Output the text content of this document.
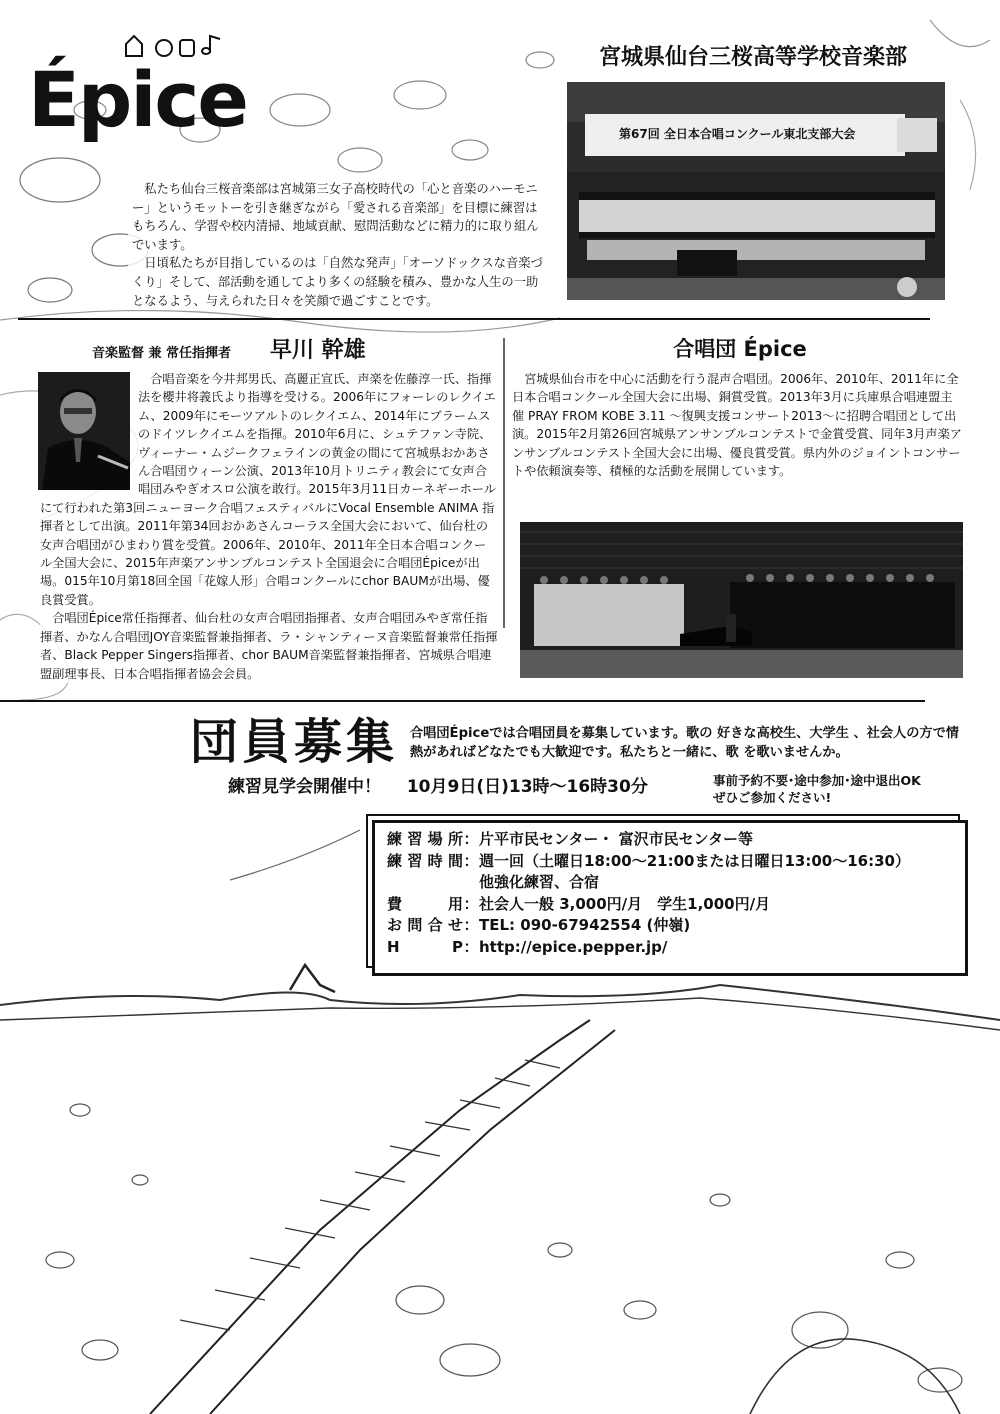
Épice	宮城県仙台三桜高等学校音楽部
第67回 全日本合唱コンクール東北支部大会

私たち仙台三桜音楽部は宮城第三女子高校時代の「心と音楽のハーモニー」というモットーを引き継ぎながら「愛される音楽部」を目標に練習はもちろん、学習や校内清掃、地域貢献、慰問活動などに精力的に取り組んでいます。

日頃私たちが目指しているのは「自然な発声」「オーソドックスな音楽づくり」そして、部活動を通してより多くの経験を積み、豊かな人生の一助となるよう、与えられた日々を笑顔で過ごすことです。

音楽監督 兼 常任指揮者 早川 幹雄

合唱音楽を今井邦男氏、高麗正宣氏、声楽を佐藤淳一氏、指揮法を櫻井将義氏より指導を受ける。2006年にフォーレのレクイエム、2009年にモーツアルトのレクイエム、2014年にブラームスのドイツレクイエムを指揮。2010年6月に、シュテファン寺院、ヴィーナー・ムジークフェラインの黄金の間にて宮城県おかあさん合唱団ウィーン公演、2013年10月トリニティ教会にて女声合唱団みやぎオスロ公演を敢行。2015年3月11日カーネギーホールにて行われた第3回ニューヨーク合唱フェスティバルにVocal Ensemble ANIMA 指揮者として出演。2011年第34回おかあさんコーラス全国大会において、仙台杜の女声合唱団がひまわり賞を受賞。2006年、2010年、2011年全日本合唱コンクール全国大会に、2015年声楽アンサンブルコンテスト全国退会に合唱団Épiceが出場。015年10月第18回全国「花嫁人形」合唱コンクールにchor BAUMが出場、優良賞受賞。

合唱団Épice常任指揮者、仙台杜の女声合唱団指揮者、女声合唱団みやぎ常任指揮者、かなん合唱団JOY音楽監督兼指揮者、ラ・シャンティーヌ音楽監督兼常任指揮者、Black Pepper Singers指揮者、chor BAUM音楽監督兼指揮者、宮城県合唱連盟副理事長、日本合唱指揮者協会会員。

合唱団 Épice

宮城県仙台市を中心に活動を行う混声合唱団。2006年、2010年、2011年に全日本合唱コンクール全国大会に出場、銅賞受賞。2013年3月に兵庫県合唱連盟主催 PRAY FROM KOBE 3.11 ～復興支援コンサート2013～に招聘合唱団として出演。2015年2月第26回宮城県アンサンブルコンテストで金賞受賞、同年3月声楽アンサンブルコンテスト全国大会に出場、優良賞受賞。県内外のジョイントコンサートや依頼演奏等、積極的な活動を展開しています。

団員募集 合唱団Épiceでは合唱団員を募集しています。歌の 好きな高校生、大学生 、社会人の方で情熱があればどなたでも大歓迎です。私たちと一緒に、歌 を歌いませんか。
練習見学会開催中！ 10月9日(日)13時～16時30分	事前予約不要･途中参加･途中退出OK
ぜひご参加ください!
練習場所 ： 片平市民センター・ 富沢市民センター等
練習時間 ： 週一回（土曜日18:00～21:00または日曜日13:00～16:30）
他強化練習、合宿
費　　用 ： 社会人一般 3,000円/月　学生1,000円/月
お問合せ ： TEL: 090-67942554 (仲嶺)
H　　P ： http://epice.pepper.jp/
